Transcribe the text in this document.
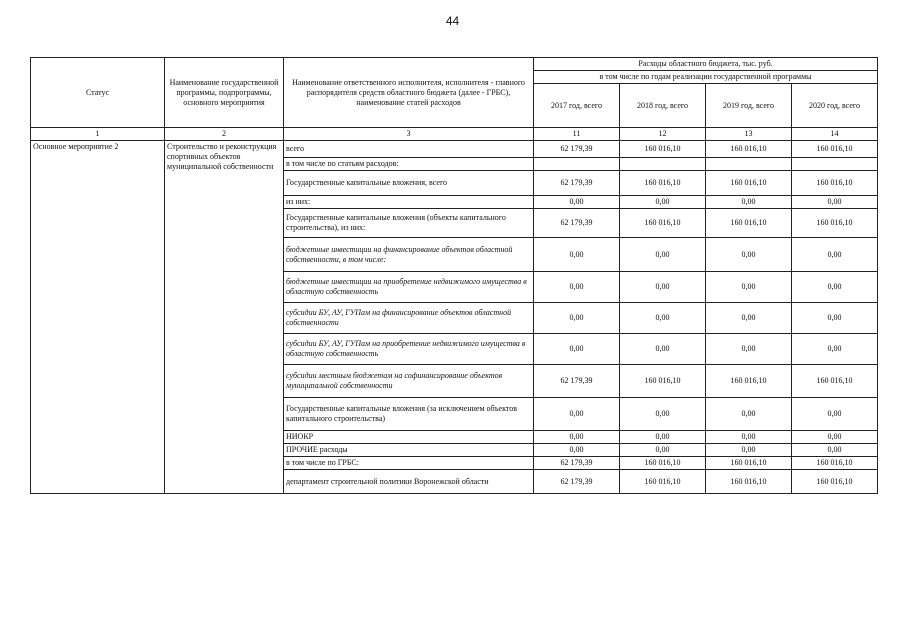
44
Статус	Наименование государственной программы, подпрограммы, основного мероприятия	Наименование ответственного исполнителя, исполнителя - главного распорядителя средств областного бюджета (далее - ГРБС), наименование статей расходов	Расходы областного бюджета, тыс. руб.			
			в том числе по годам реализации государственной программы			
			2017 год, всего	2018 год, всего	2019 год, всего	2020 год, всего
1	2	3	11	12	13	14
Основное мероприятие 2	Строительство и реконструкция спортивных объектов муниципальной собственности	всего	62 179,39	160 016,10	160 016,10	160 016,10
		в том числе по статьям расходов:				
		Государственные капитальные вложения, всего	62 179,39	160 016,10	160 016,10	160 016,10
		из них:	0,00	0,00	0,00	0,00
		Государственные капитальные вложения (объекты капитального строительства), из них:	62 179,39	160 016,10	160 016,10	160 016,10
		бюджетные инвестиции на финансирование объектов областной собственности, в том числе:	0,00	0,00	0,00	0,00
		бюджетные инвестиции на приобретение недвижимого имущества в областную собственность	0,00	0,00	0,00	0,00
		субсидии БУ, АУ, ГУПам на финансирование объектов областной собственности	0,00	0,00	0,00	0,00
		субсидии БУ, АУ, ГУПам на приобретение недвижимого имущества в областную собственность	0,00	0,00	0,00	0,00
		субсидии местным бюджетам на софинансирование объектов муниципальной собственности	62 179,39	160 016,10	160 016,10	160 016,10
		Государственные капитальные вложения (за исключением объектов капитального строительства)	0,00	0,00	0,00	0,00
		НИОКР	0,00	0,00	0,00	0,00
		ПРОЧИЕ расходы	0,00	0,00	0,00	0,00
		в том числе по ГРБС:	62 179,39	160 016,10	160 016,10	160 016,10
		департамент строительной политики Воронежской области	62 179,39	160 016,10	160 016,10	160 016,10
